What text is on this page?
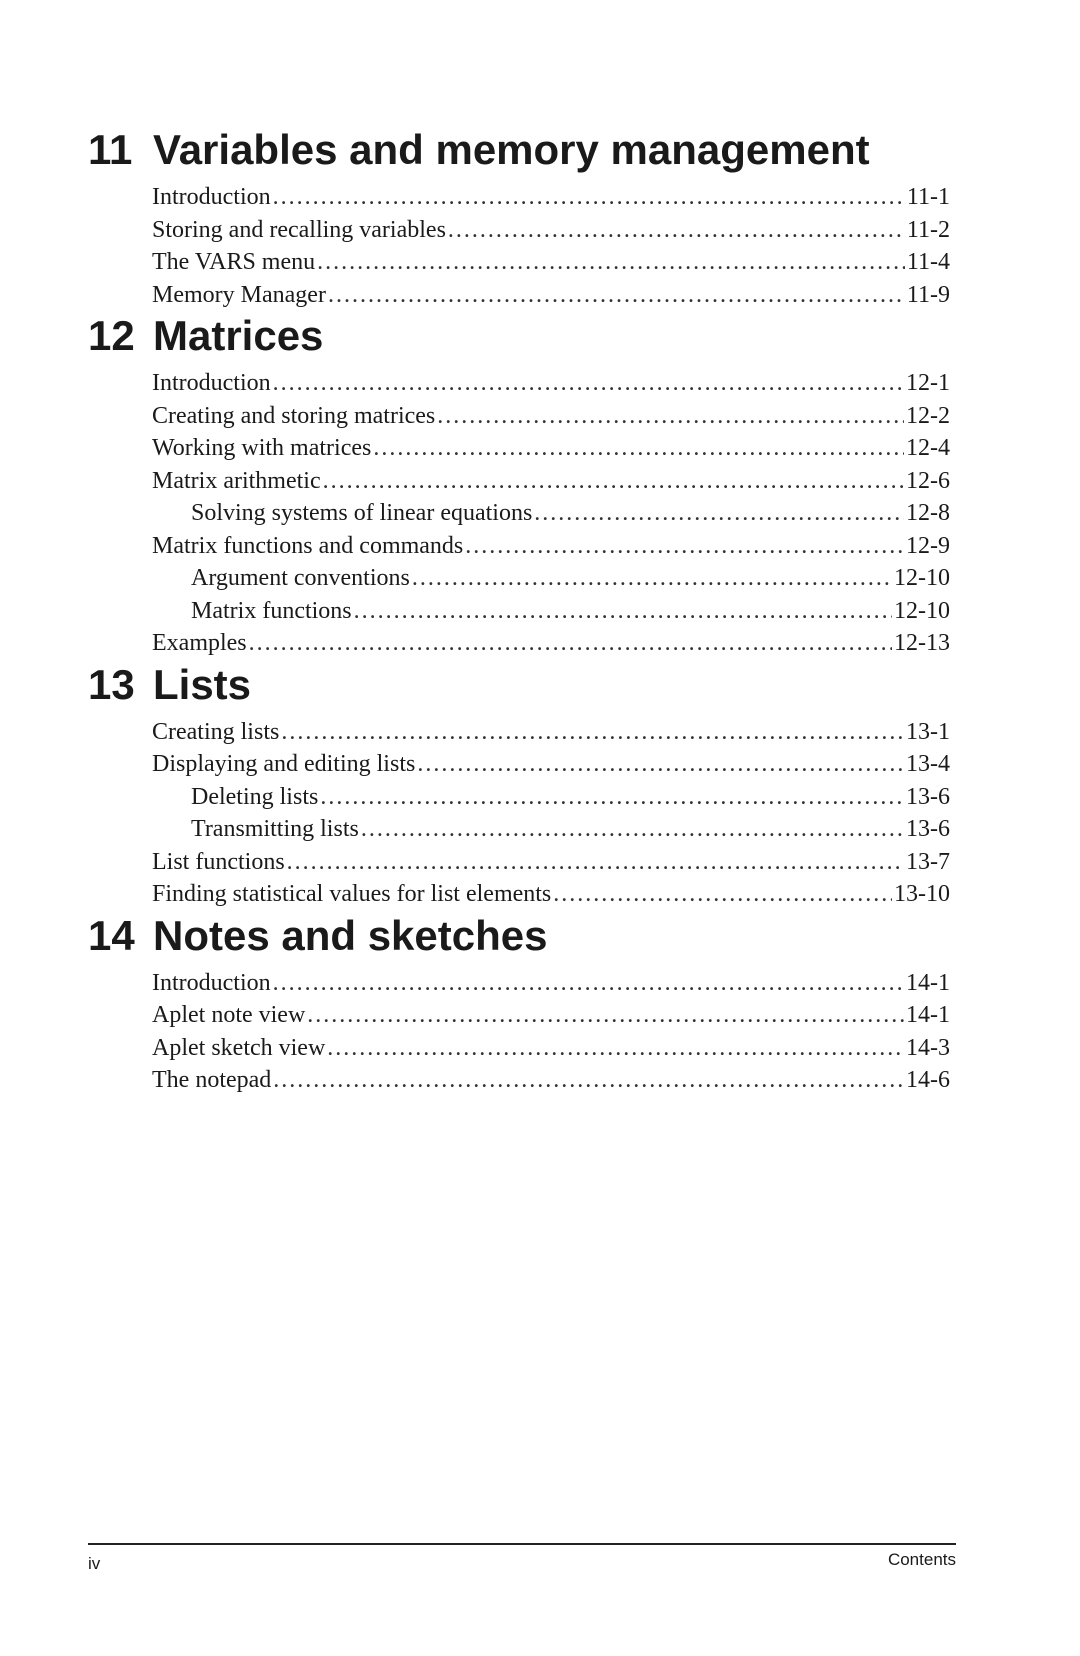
11 Variables and memory management
Introduction .....	11-1
Storing and recalling variables .....	11-2
The VARS menu .....	11-4
Memory Manager .....	11-9
12 Matrices
Introduction .....	12-1
Creating and storing matrices .....	12-2
Working with matrices .....	12-4
Matrix arithmetic .....	12-6
Solving systems of linear equations .....	12-8
Matrix functions and commands .....	12-9
Argument conventions .....	12-10
Matrix functions .....	12-10
Examples .....	12-13
13 Lists
Creating lists .....	13-1
Displaying and editing lists .....	13-4
Deleting lists .....	13-6
Transmitting lists .....	13-6
List functions .....	13-7
Finding statistical values for list elements .....	13-10
14 Notes and sketches
Introduction .....	14-1
Aplet note view .....	14-1
Aplet sketch view .....	14-3
The notepad .....	14-6
iv	Contents
